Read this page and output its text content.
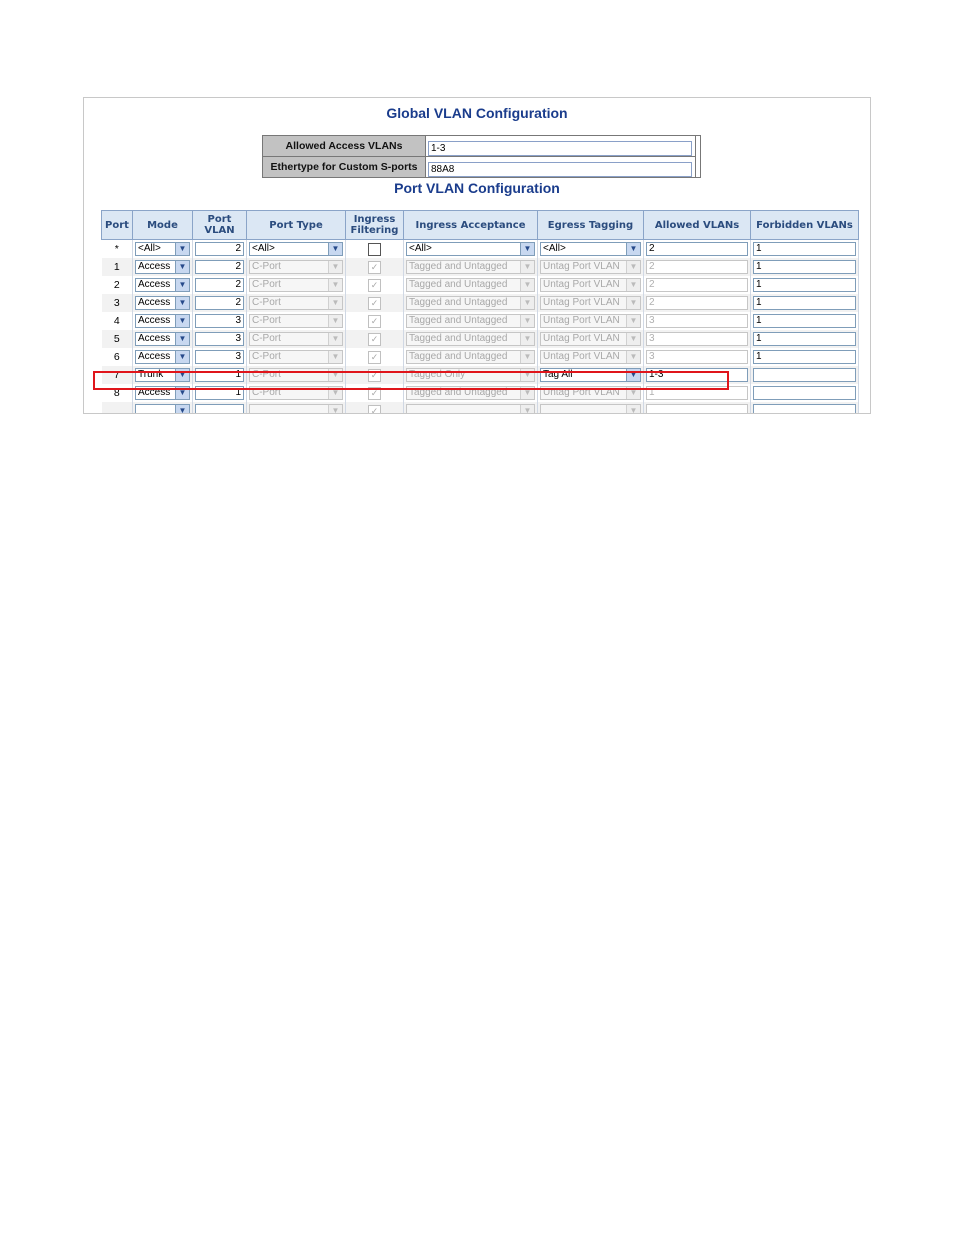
Global VLAN Configuration
Allowed Access VLANs	1-3	
Ethertype for Custom S-ports	88A8
Port VLAN Configuration
Port	Mode	Port VLAN	Port Type	Ingress Filtering	Ingress Acceptance	Egress Tagging	Allowed VLANs	Forbidden VLANs
*	<All> ▼	2	<All> ▼		<All> ▼	<All> ▼	2	1

1	Access ▼	2	C-Port ▼	✓	Tagged and Untagged ▼	Untag Port VLAN ▼	2	1

2	Access ▼	2	C-Port ▼	✓	Tagged and Untagged ▼	Untag Port VLAN ▼	2	1

3	Access ▼	2	C-Port ▼	✓	Tagged and Untagged ▼	Untag Port VLAN ▼	2	1

4	Access ▼	3	C-Port ▼	✓	Tagged and Untagged ▼	Untag Port VLAN ▼	3	1

5	Access ▼	3	C-Port ▼	✓	Tagged and Untagged ▼	Untag Port VLAN ▼	3	1

6	Access ▼	3	C-Port ▼	✓	Tagged and Untagged ▼	Untag Port VLAN ▼	3	1

7	Trunk ▼	1	C-Port ▼	✓	Tagged Only ▼	Tag All ▼	1-3	

8	Access ▼	1	C-Port ▼	✓	Tagged and Untagged ▼	Untag Port VLAN ▼	1	

	▼		▼	✓	▼	▼		
